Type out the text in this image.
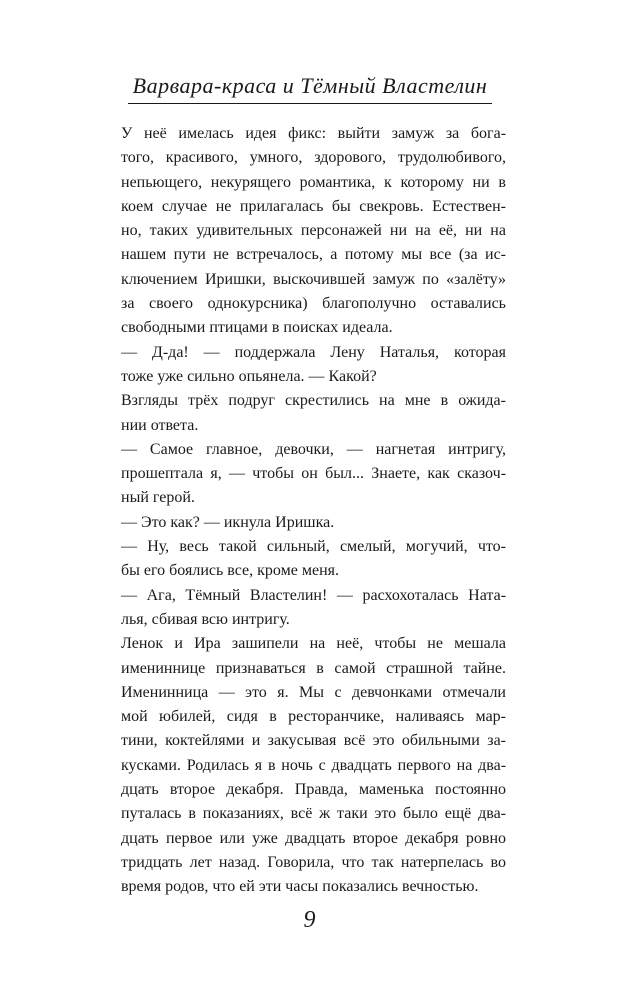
Варвара-краса и Тёмный Властелин
У неё имелась идея фикс: выйти замуж за бога-
того, красивого, умного, здорового, трудолюбивого,
непьющего, некурящего романтика, к которому ни в
коем случае не прилагалась бы свекровь. Естествен-
но, таких удивительных персонажей ни на её, ни на
нашем пути не встречалось, а потому мы все (за ис-
ключением Иришки, выскочившей замуж по «залёту»
за своего однокурсника) благополучно оставались
свободными птицами в поисках идеала.
— Д-да! — поддержала Лену Наталья, которая
тоже уже сильно опьянела. — Какой?
Взгляды трёх подруг скрестились на мне в ожида-
нии ответа.
— Самое главное, девочки, — нагнетая интригу,
прошептала я, — чтобы он был... Знаете, как сказоч-
ный герой.
— Это как? — икнула Иришка.
— Ну, весь такой сильный, смелый, могучий, что-
бы его боялись все, кроме меня.
— Ага, Тёмный Властелин! — расхохоталась Ната-
лья, сбивая всю интригу.
Ленок и Ира зашипели на неё, чтобы не мешала
имениннице признаваться в самой страшной тайне.
Именинница — это я. Мы с девчонками отмечали
мой юбилей, сидя в ресторанчике, наливаясь мар-
тини, коктейлями и закусывая всё это обильными за-
кусками. Родилась я в ночь с двадцать первого на два-
дцать второе декабря. Правда, маменька постоянно
путалась в показаниях, всё ж таки это было ещё два-
дцать первое или уже двадцать второе декабря ровно
тридцать лет назад. Говорила, что так натерпелась во
время родов, что ей эти часы показались вечностью.
9
